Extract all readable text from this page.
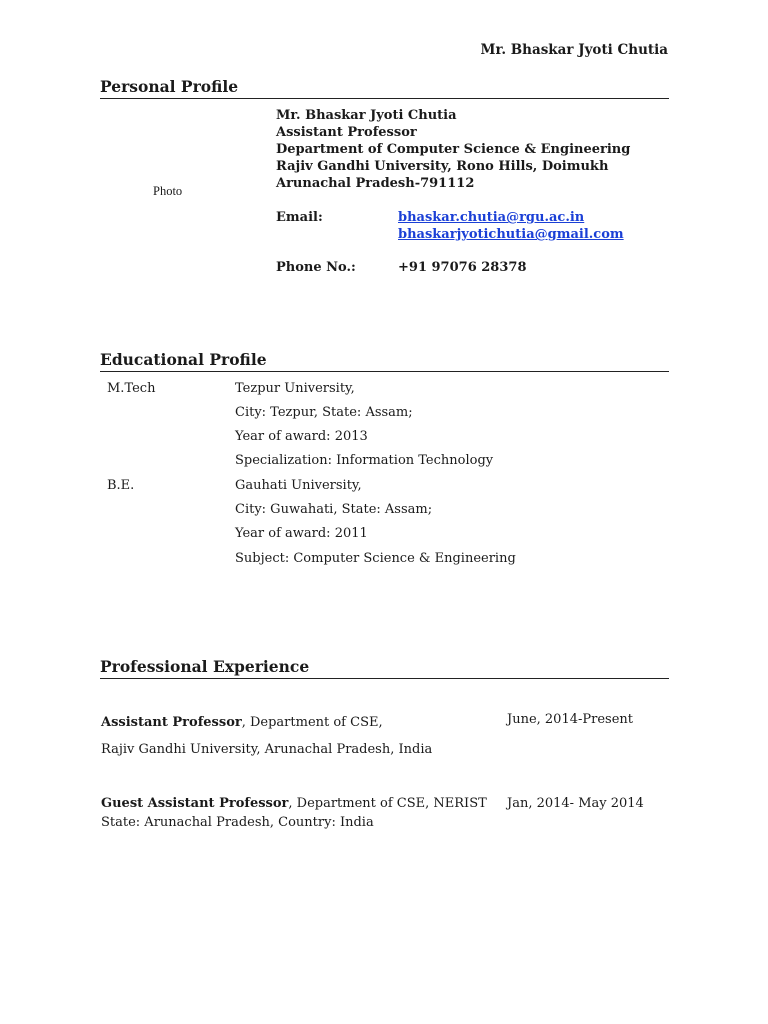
Mr. Bhaskar Jyoti Chutia
Personal Profile
Photo
Mr. Bhaskar Jyoti Chutia
Assistant Professor
Department of Computer Science & Engineering
Rajiv Gandhi University, Rono Hills, Doimukh
Arunachal Pradesh-791112
Email:	bhaskar.chutia@rgu.ac.in
bhaskarjyotichutia@gmail.com
Phone No.:	+91 97076 28378
Educational Profile
M.Tech	Tezpur University,
City: Tezpur, State: Assam;
Year of award: 2013
Specialization: Information Technology
B.E.	Gauhati University,
City: Guwahati, State: Assam;
Year of award: 2011
Subject: Computer Science & Engineering
Professional Experience
Assistant Professor, Department of CSE,
Rajiv Gandhi University, Arunachal Pradesh, India
June, 2014-Present
Guest Assistant Professor, Department of CSE, NERIST
State: Arunachal Pradesh, Country: India
Jan, 2014- May 2014
